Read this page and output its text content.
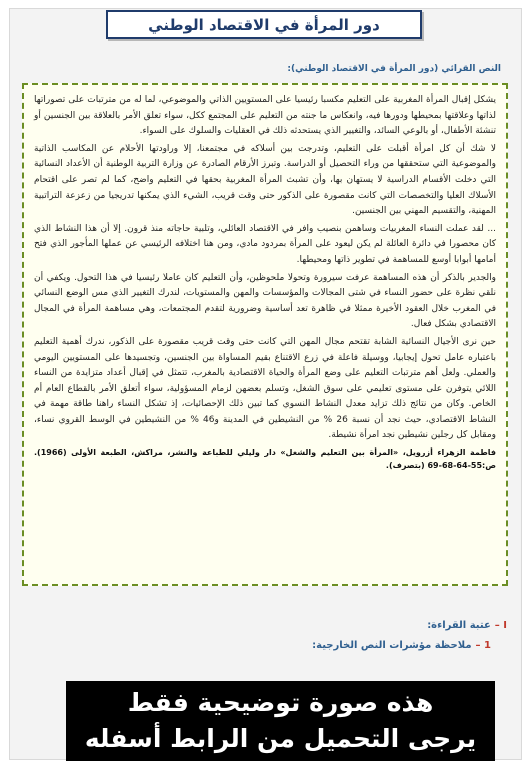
دور المرأة في الاقتصاد الوطني
النص القرائي (دور المرأة في الاقتصاد الوطني):

يشكل إقبال المرأة المغربية على التعليم مكسبا رئيسيا على المستويين الذاتي والموضوعي، لما له من مترتبات على تصوراتها لذاتها وعلاقتها بمحيطها ودورها فيه، وانعكاس ما جنته من التعليم على المجتمع ككل، سواء تعلق الأمر بالعلاقة بين الجنسين أو تنشئة الأطفال، أو بالوعي السائد، والتغيير الذي يستحدثه ذلك في العقليات والسلوك على السواء.

لا شك أن كل امرأة أقبلت على التعليم، وتدرجت بين أسلاكه في مجتمعنا، إلا وراودتها الأحلام عن المكاسب الذاتية والموضوعية التي ستحققها من وراء التحصيل أو الدراسة. وتبرز الأرقام الصادرة عن وزارة التربية الوطنية أن الأعداد النسائية التي دخلت الأقسام الدراسية لا يستهان بها، وأن تشبث المرأة المغربية بحقها في التعليم واضح، كما لم تصر على اقتحام الأسلاك العليا والتخصصات التي كانت مقصورة على الذكور حتى وقت قريب، الشيء الذي يمكنها تدريجيا من زعزعة التراتبية المهنية، والتقسيم المهني بين الجنسين.

... لقد عملت النساء المغربيات وساهمن بنصيب وافر في الاقتصاد العائلي، وتلبية حاجاته منذ قرون. إلا أن هذا النشاط الذي كان محصورا في دائرة العائلة لم يكن ليعود على المرأة بمردود مادي، ومن هنا اختلافه الرئيسي عن عملها المأجور الذي فتح أمامها أبوابا أوسع للمساهمة في تطوير ذاتها ومحيطها.

والجدير بالذكر أن هذه المساهمة عرفت سيرورة وتحولا ملحوظين، وأن التعليم كان عاملا رئيسيا في هذا التحول. ويكفي أن نلقي نظرة على حضور النساء في شتى المجالات والمؤسسات والمهن والمستويات، لندرك التغيير الذي مس الوضع النسائي في المغرب خلال العقود الأخيرة ممثلا في ظاهرة تعد أساسية وضرورية لتقدم المجتمعات، وهي مساهمة المرأة في المجال الاقتصادي بشكل فعال.

حين نرى الأجيال النسائية الشابة تقتحم مجال المهن التي كانت حتى وقت قريب مقصورة على الذكور، ندرك أهمية التعليم باعتباره عامل تحول إيجابيا، ووسيلة فاعلة في زرع الاقتناع بقيم المساواة بين الجنسين، وتجسيدها على المستويين اليومي والعملي. ولعل أهم مترتبات التعليم على وضع المرأة والحياة الاقتصادية بالمغرب، تتمثل في إقبال أعداد متزايدة من النساء اللائي يتوفرن على مستوى تعليمي على سوق الشغل، وتسلم بعضهن لزمام المسؤولية، سواء أتعلق الأمر بالقطاع العام أم الخاص. وكان من نتائج ذلك تزايد معدل النشاط النسوي كما تبين ذلك الإحصائيات، إذ تشكل النساء راهنا طاقة مهمة في النشاط الاقتصادي، حيث نجد أن نسبة 26 % من النشيطين في المدينة و46 % من النشيطين في الوسط القروي نساء، ومقابل كل رجلين نشيطين نجد امرأة نشيطة.

فاطمة الزهراء أزرويل، «المرأة بين التعليم والشغل» دار وليلي للطباعة والنشر، مراكش، الطبعة الأولى (1966). ص:55-64-68-69 (بتصرف).

I –عتبة القراءة:
1 –ملاحظة مؤشرات النص الخارجية:
هذه صورة توضيحية فقط
يرجى التحميل من الرابط أسفله
